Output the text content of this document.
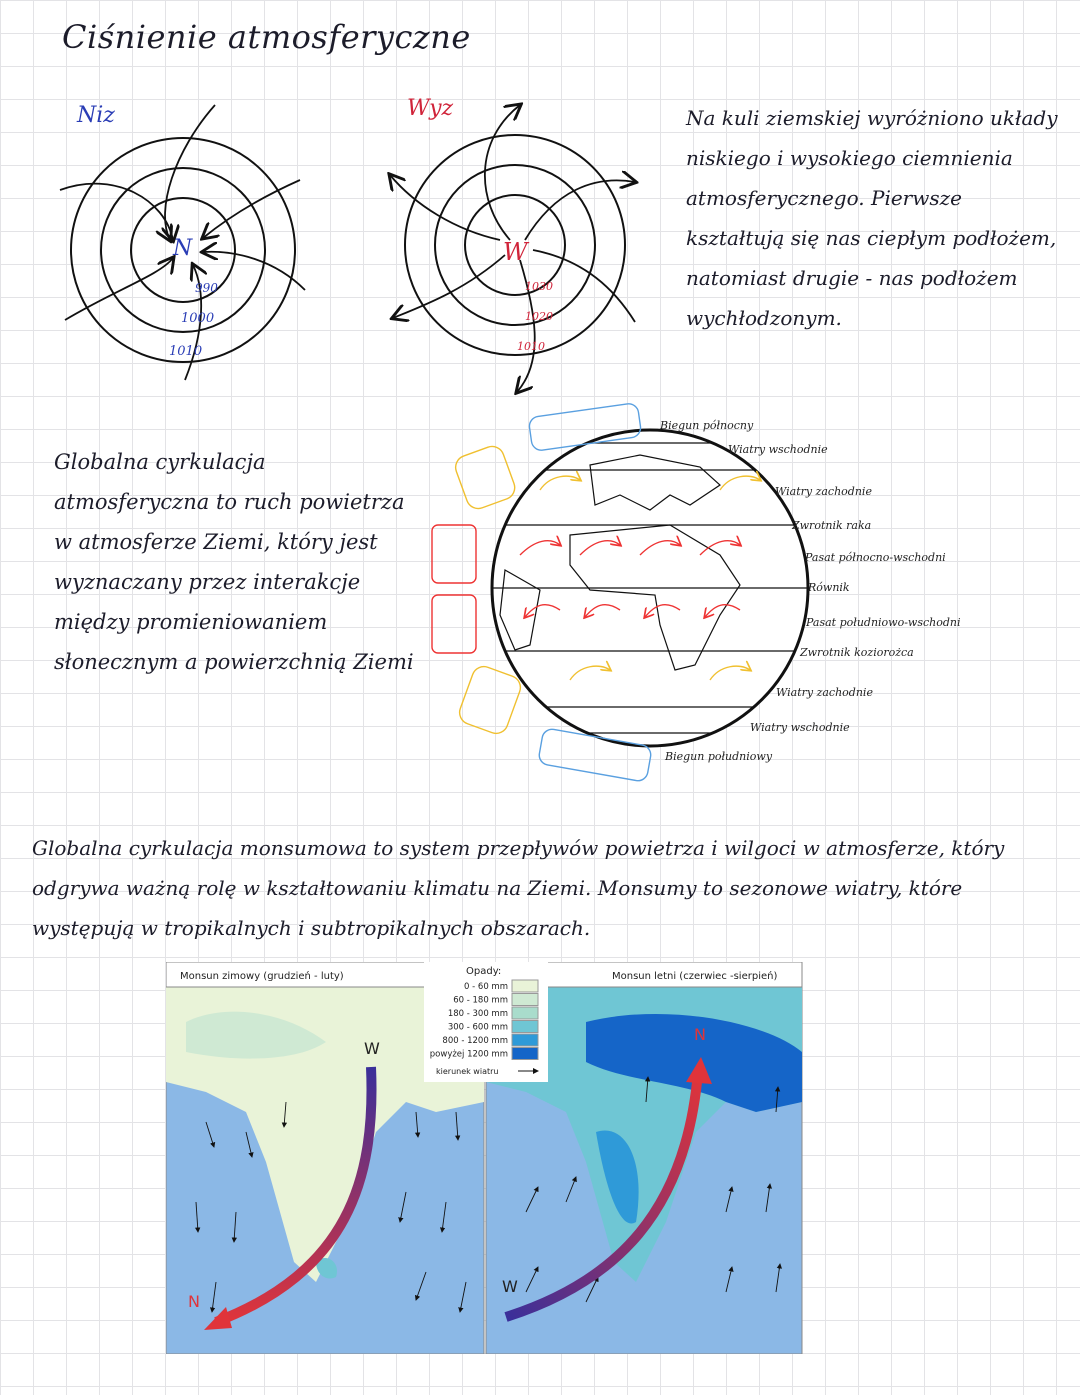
Ciśnienie atmosferyczne

Na kuli ziemskiej wyróżniono układy niskiego i wysokiego ciemnienia atmosferycznego. Pierwsze kształtują się nas ciepłym podłożem, natomiast drugie - nas podłożem wychłodzonym.

Globalna cyrkulacja atmosferyczna to ruch powietrza w atmosferze Ziemi, który jest wyznaczany przez interakcje między promieniowaniem słonecznym a powierzchnią Ziemi

Globalna cyrkulacja monsumowa to system przepływów powietrza i wilgoci w atmosferze, który odgrywa ważną rolę w kształtowaniu klimatu na Ziemi. Monsumy to sezonowe wiatry, które występują w tropikalnych i subtropikalnych obszarach.

Niz
N
990
1000
1010
Wyz
W
1030
1020
1010
Biegun północny
Wiatry wschodnie
Wiatry zachodnie
Zwrotnik raka
Pasat północno-wschodni
Równik
Pasat południowo-wschodni
Zwrotnik koziorożca
Wiatry zachodnie
Wiatry wschodnie
Biegun południowy
Monsun zimowy (grudzień - luty)
W
N
Monsun letni (czerwiec -sierpień)
N
W
Opady:
0 - 60 mm
60 - 180 mm
180 - 300 mm
300 - 600 mm
800 - 1200 mm
powyżej 1200 mm
kierunek wiatru
